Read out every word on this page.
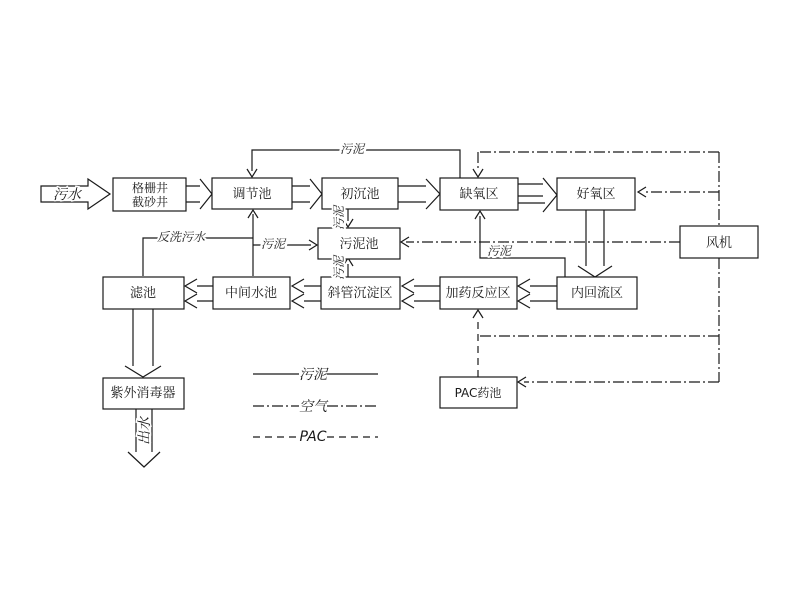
格栅井
截砂井	调节池	初沉池	缺氧区	好氧区
风机
污泥池
内回流区
加药反应区
斜管沉淀区
中间水池
滤池
紫外消毒器	PAC药池
污水
污泥
反洗污水	污泥	污泥
污泥
污泥
出水
污泥
空气
PAC
